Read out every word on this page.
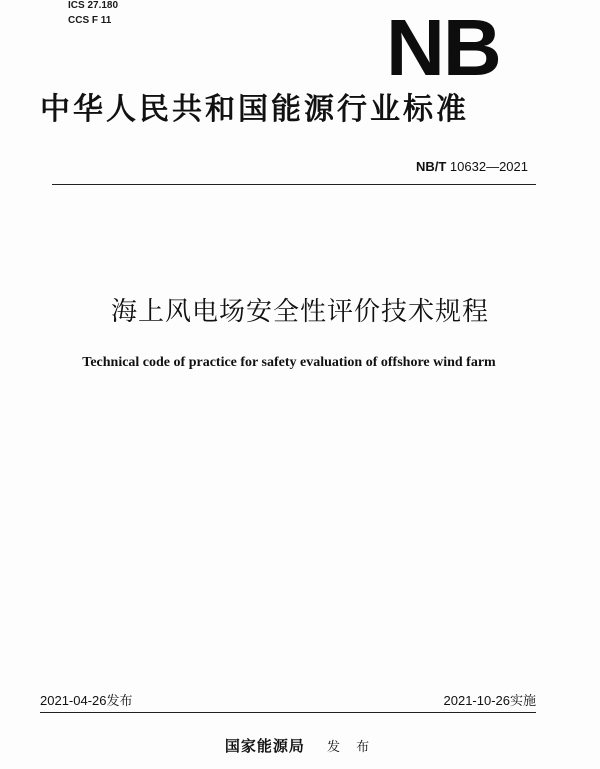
ICS 27.180
CCS F 11	NB
中华人民共和国能源行业标准
NB/T 10632—2021
海上风电场安全性评价技术规程
Technical code of practice for safety evaluation of offshore wind farm
2021-04-26发布	2021-10-26实施
国家能源局 发 布
